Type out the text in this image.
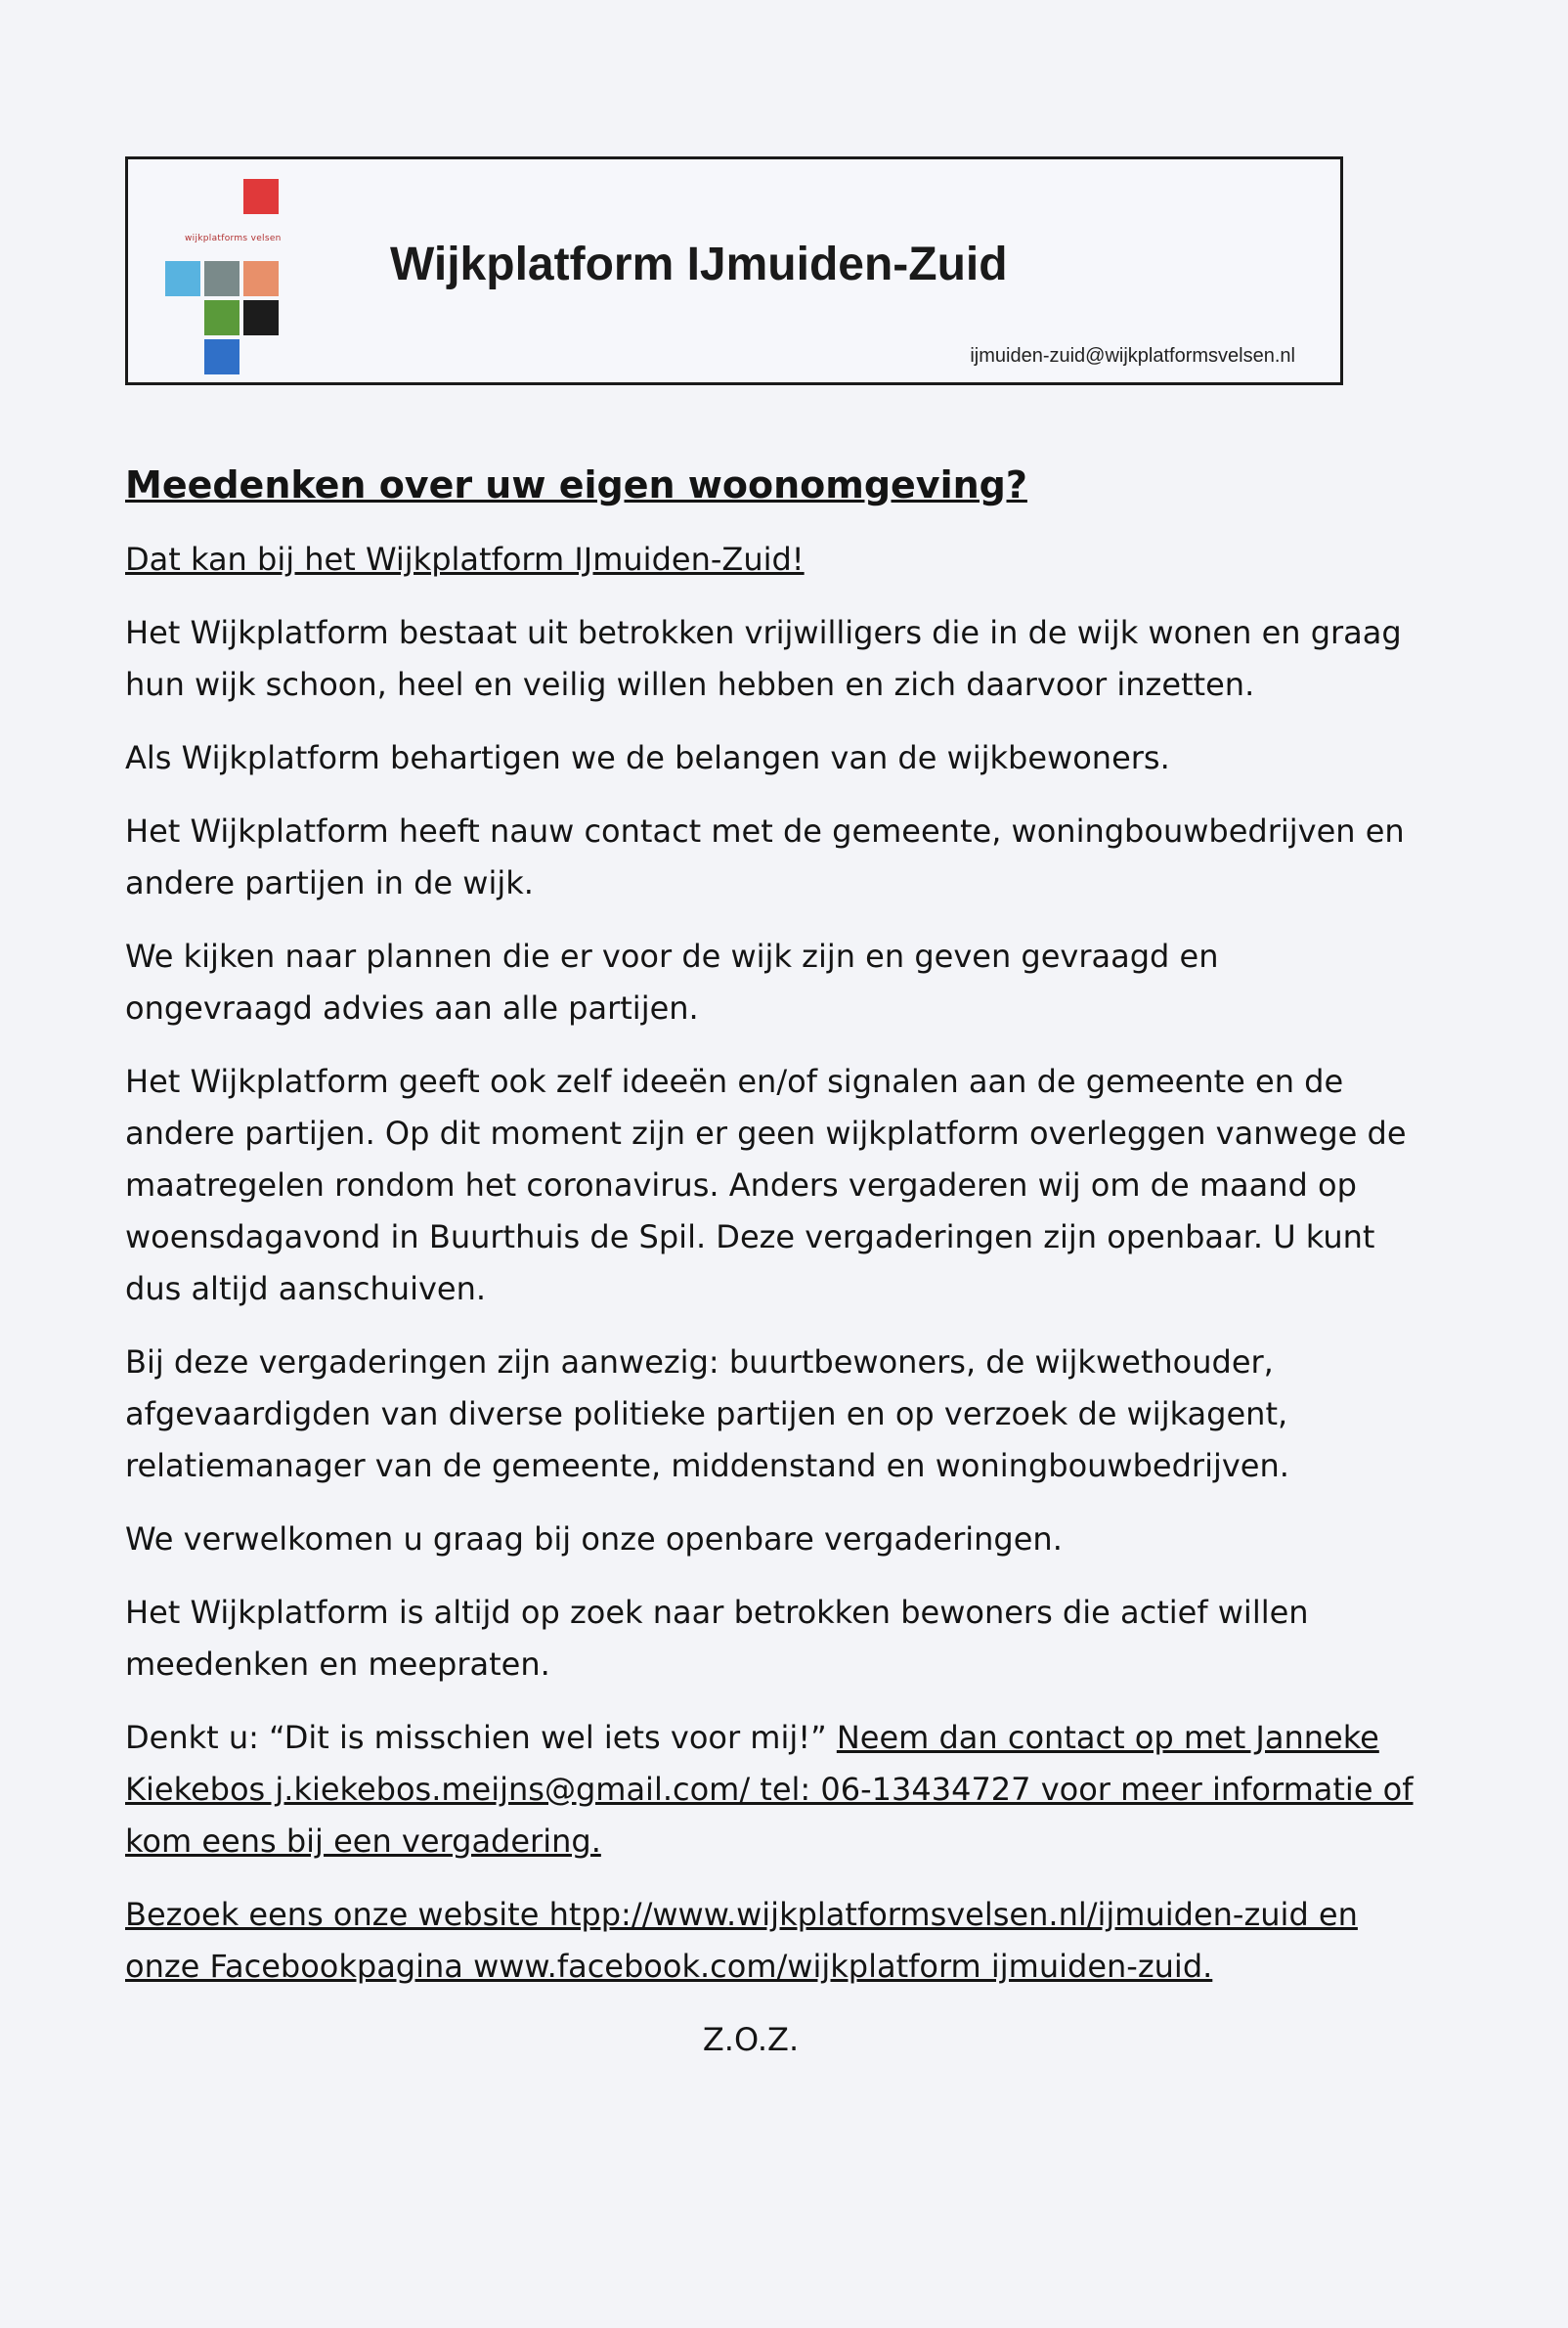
wijkplatforms velsen Wijkplatform IJmuiden-Zuid
ijmuiden-zuid@wijkplatformsvelsen.nl

Meedenken over uw eigen woonomgeving?

Dat kan bij het Wijkplatform IJmuiden-Zuid!

Het Wijkplatform bestaat uit betrokken vrijwilligers die in de wijk wonen en graag hun wijk schoon, heel en veilig willen hebben en zich daarvoor inzetten.

Als Wijkplatform behartigen we de belangen van de wijkbewoners.

Het Wijkplatform heeft nauw contact met de gemeente, woningbouwbedrijven en andere partijen in de wijk.

We kijken naar plannen die er voor de wijk zijn en geven gevraagd en ongevraagd advies aan alle partijen.

Het Wijkplatform geeft ook zelf ideeën en/of signalen aan de gemeente en de andere partijen. Op dit moment zijn er geen wijkplatform overleggen vanwege de maatregelen rondom het coronavirus. Anders vergaderen wij om de maand op woensdagavond in Buurthuis de Spil. Deze vergaderingen zijn openbaar. U kunt dus altijd aanschuiven.

Bij deze vergaderingen zijn aanwezig: buurtbewoners, de wijkwethouder, afgevaardigden van diverse politieke partijen en op verzoek de wijkagent, relatiemanager van de gemeente, middenstand en woningbouwbedrijven.

We verwelkomen u graag bij onze openbare vergaderingen.

Het Wijkplatform is altijd op zoek naar betrokken bewoners die actief willen meedenken en meepraten.

Denkt u: “Dit is misschien wel iets voor mij!” Neem dan contact op met Janneke Kiekebos j.kiekebos.meijns@gmail.com/ tel: 06-13434727 voor meer informatie of kom eens bij een vergadering.

Bezoek eens onze website htpp://www.wijkplatformsvelsen.nl/ijmuiden-zuid en onze Facebookpagina www.facebook.com/wijkplatform ijmuiden-zuid.

Z.O.Z.
